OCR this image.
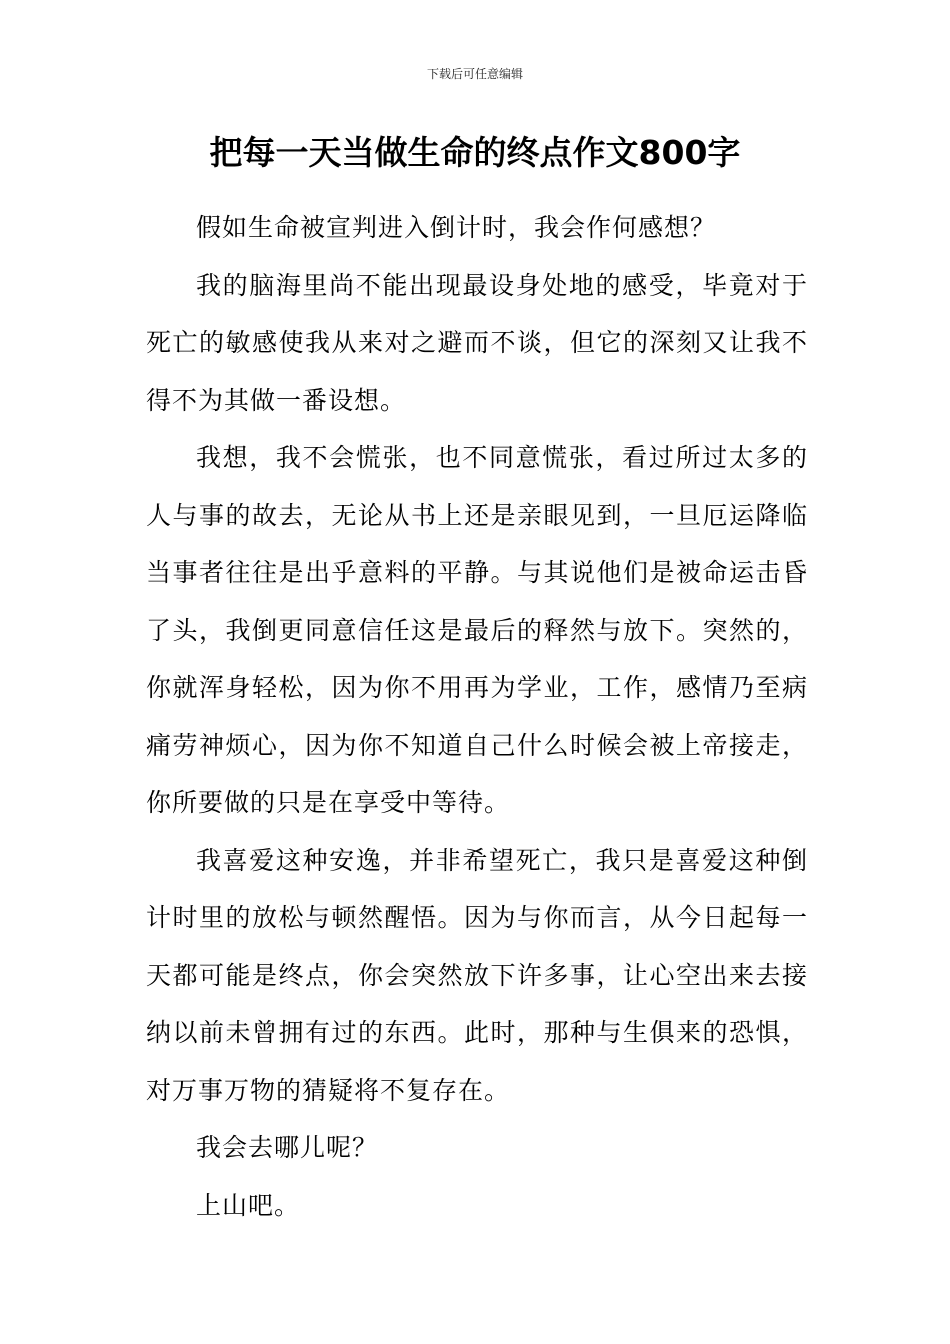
下载后可任意编辑
把每一天当做生命的终点作文800字

假如生命被宣判进入倒计时，我会作何感想？

我的脑海里尚不能出现最设身处地的感受，毕竟对于死亡的敏感使我从来对之避而不谈，但它的深刻又让我不得不为其做一番设想。

我想，我不会慌张，也不同意慌张，看过所过太多的人与事的故去，无论从书上还是亲眼见到，一旦厄运降临当事者往往是出乎意料的平静。与其说他们是被命运击昏了头，我倒更同意信任这是最后的释然与放下。突然的，你就浑身轻松，因为你不用再为学业，工作，感情乃至病痛劳神烦心，因为你不知道自己什么时候会被上帝接走，你所要做的只是在享受中等待。

我喜爱这种安逸，并非希望死亡，我只是喜爱这种倒计时里的放松与顿然醒悟。因为与你而言，从今日起每一天都可能是终点，你会突然放下许多事，让心空出来去接纳以前未曾拥有过的东西。此时，那种与生俱来的恐惧，对万事万物的猜疑将不复存在。

我会去哪儿呢？

上山吧。
